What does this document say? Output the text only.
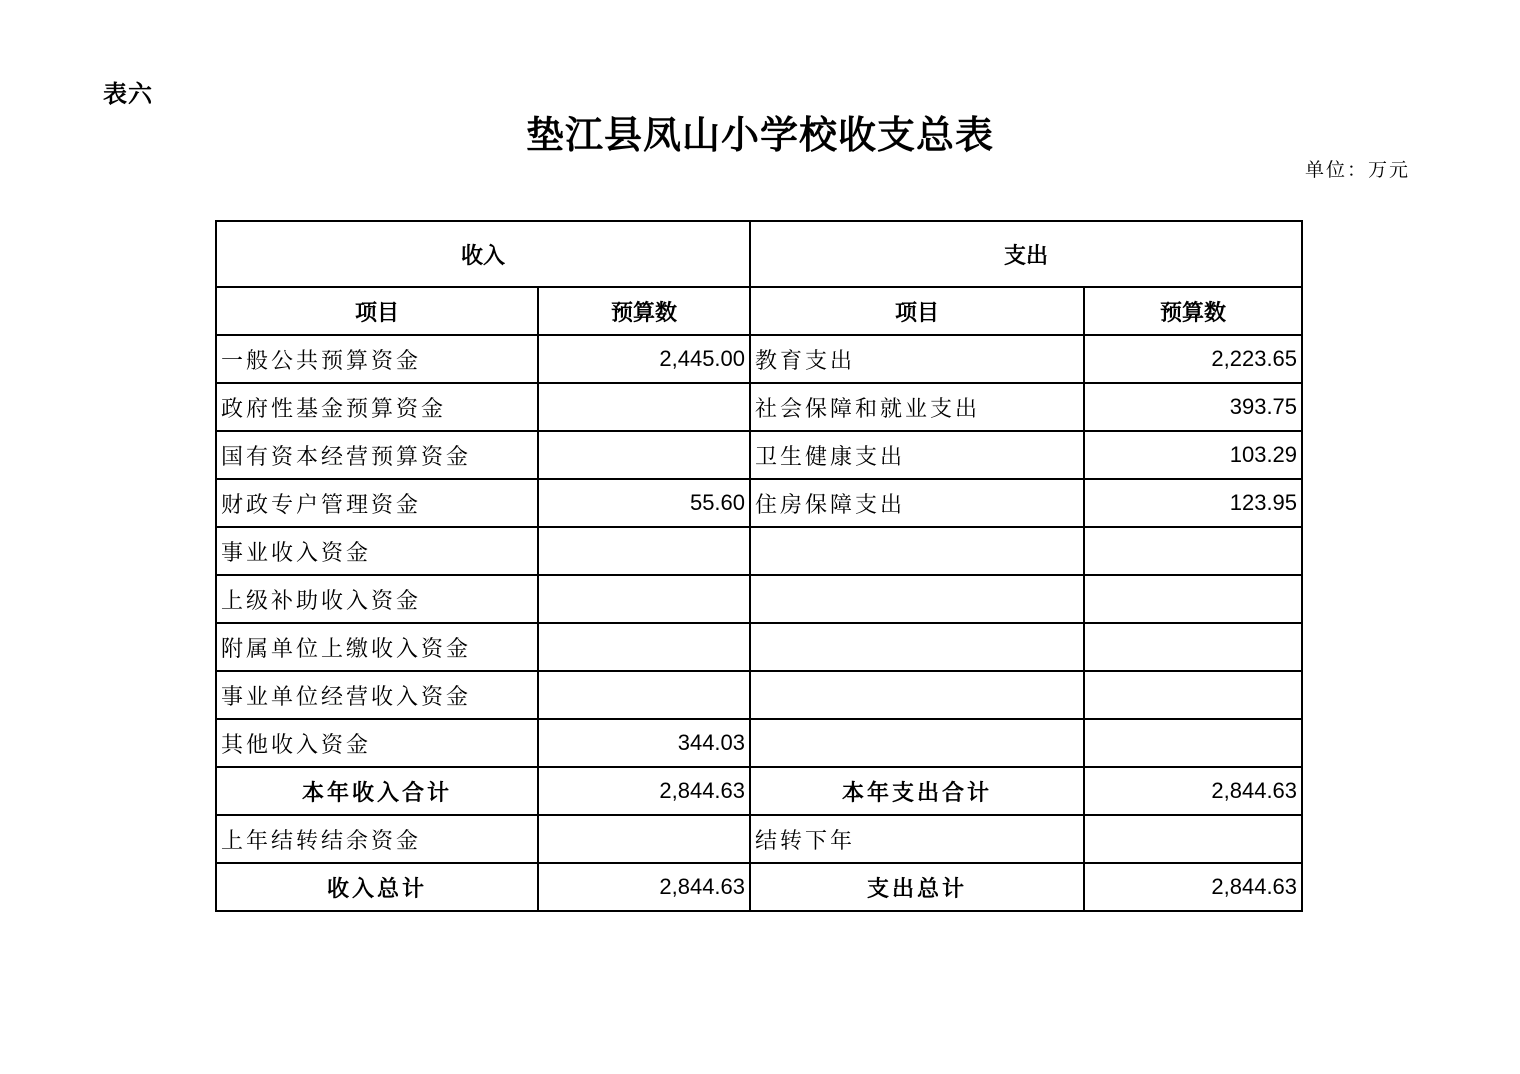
表六
垫江县凤山小学校收支总表
单位：万元
收入		支出	
项目	预算数	项目	预算数
一般公共预算资金	2,445.00	教育支出	2,223.65
政府性基金预算资金		社会保障和就业支出	393.75
国有资本经营预算资金		卫生健康支出	103.29
财政专户管理资金	55.60	住房保障支出	123.95
事业收入资金			
上级补助收入资金			
附属单位上缴收入资金			
事业单位经营收入资金			
其他收入资金	344.03		
本年收入合计	2,844.63	本年支出合计	2,844.63
上年结转结余资金		结转下年	
收入总计	2,844.63	支出总计	2,844.63
